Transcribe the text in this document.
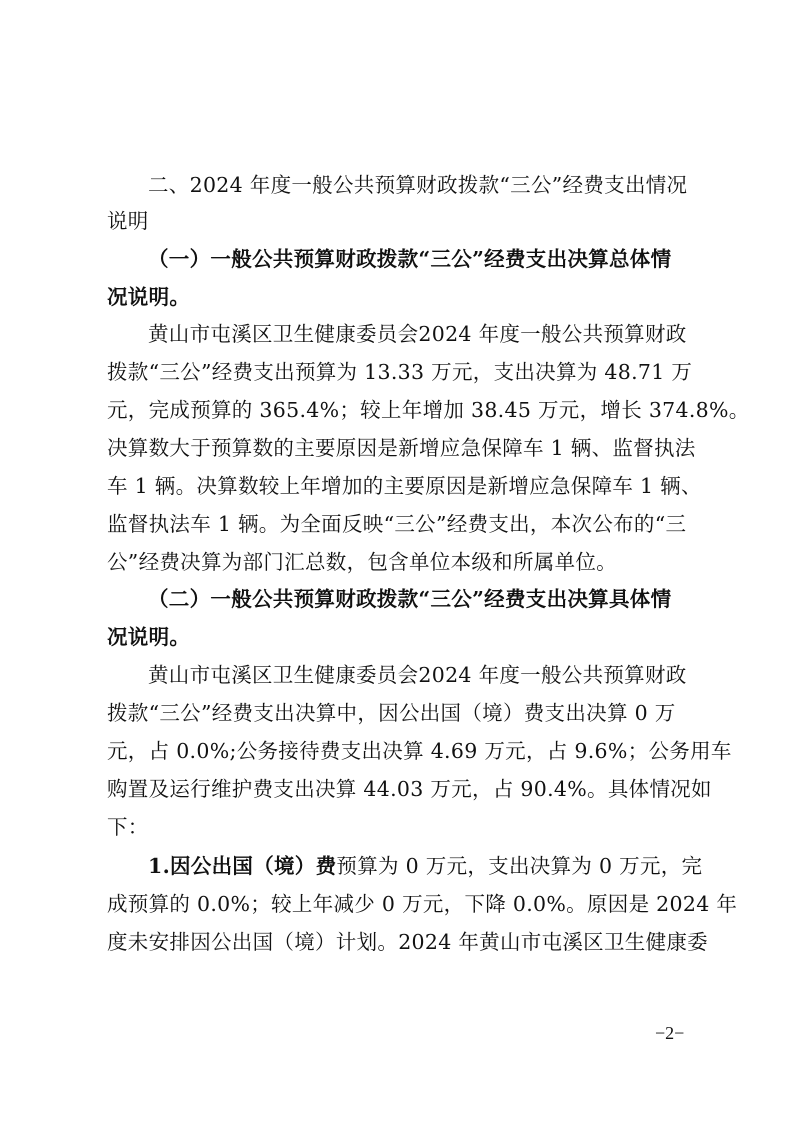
二、2024 年度一般公共预算财政拨款“三公”经费支出情况
说明
（一）一般公共预算财政拨款“三公”经费支出决算总体情
况说明。
黄山市屯溪区卫生健康委员会2024 年度一般公共预算财政
拨款“三公”经费支出预算为 13.33 万元，支出决算为 48.71 万
元，完成预算的 365.4%；较上年增加 38.45 万元，增长 374.8%。
决算数大于预算数的主要原因是新增应急保障车 1 辆、监督执法
车 1 辆。决算数较上年增加的主要原因是新增应急保障车 1 辆、
监督执法车 1 辆。为全面反映“三公”经费支出，本次公布的“三
公”经费决算为部门汇总数，包含单位本级和所属单位。
（二）一般公共预算财政拨款“三公”经费支出决算具体情
况说明。
黄山市屯溪区卫生健康委员会2024 年度一般公共预算财政
拨款“三公”经费支出决算中，因公出国（境）费支出决算 0 万
元，占 0.0%;公务接待费支出决算 4.69 万元，占 9.6%；公务用车
购置及运行维护费支出决算 44.03 万元，占 90.4%。具体情况如
下：
1.因公出国（境）费预算为 0 万元，支出决算为 0 万元，完
成预算的 0.0%；较上年减少 0 万元，下降 0.0%。原因是 2024 年
度未安排因公出国（境）计划。2024 年黄山市屯溪区卫生健康委
−2−
